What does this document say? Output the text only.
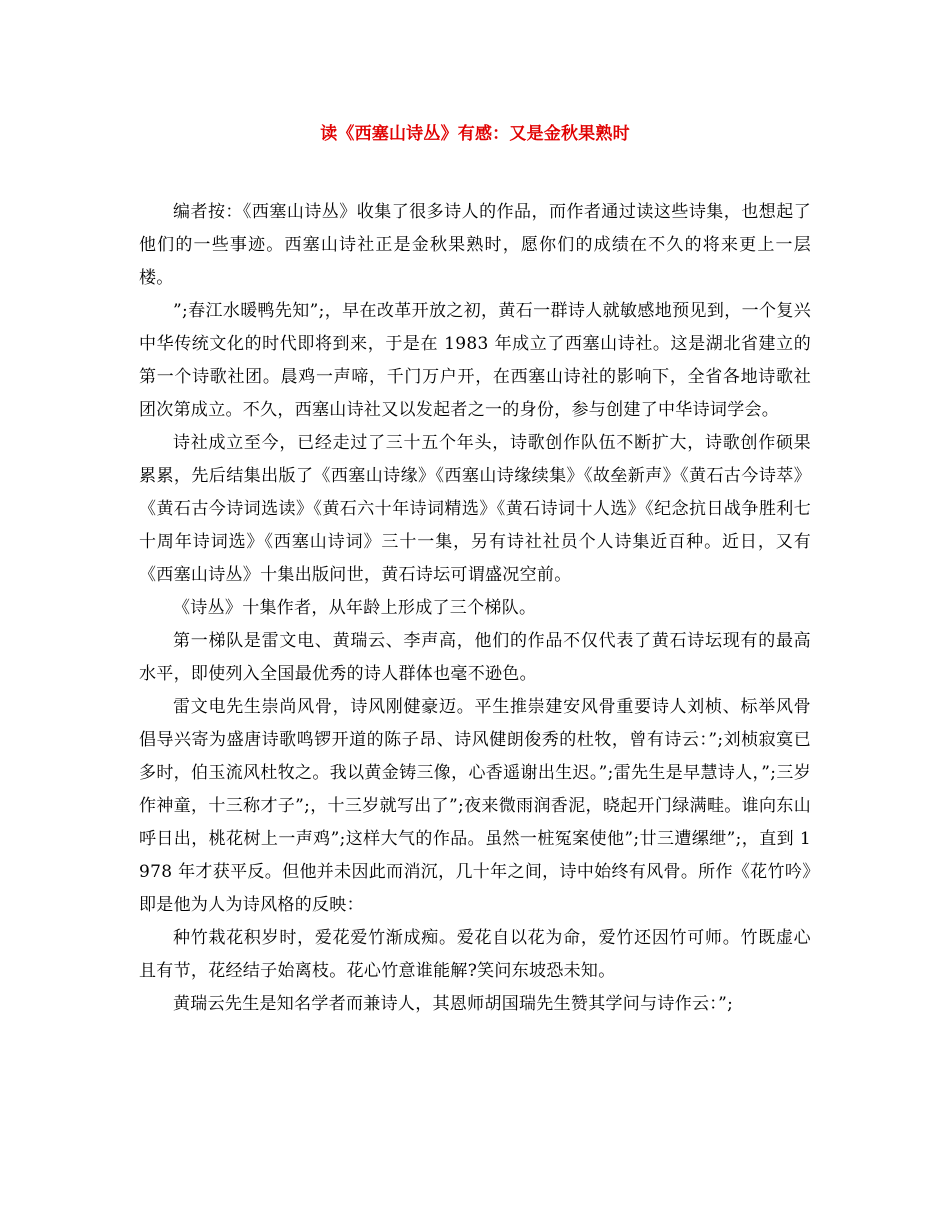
读《西塞山诗丛》有感：又是金秋果熟时

编者按：《西塞山诗丛》收集了很多诗人的作品，而作者通过读这些诗集，也想起了他们的一些事迹。西塞山诗社正是金秋果熟时，愿你们的成绩在不久的将来更上一层楼。

”;春江水暖鸭先知”;，早在改革开放之初，黄石一群诗人就敏感地预见到，一个复兴中华传统文化的时代即将到来，于是在 1983 年成立了西塞山诗社。这是湖北省建立的第一个诗歌社团。晨鸡一声啼，千门万户开，在西塞山诗社的影响下，全省各地诗歌社团次第成立。不久，西塞山诗社又以发起者之一的身份，参与创建了中华诗词学会。

诗社成立至今，已经走过了三十五个年头，诗歌创作队伍不断扩大，诗歌创作硕果累累，先后结集出版了《西塞山诗缘》《西塞山诗缘续集》《故垒新声》《黄石古今诗萃》《黄石古今诗词选读》《黄石六十年诗词精选》《黄石诗词十人选》《纪念抗日战争胜利七十周年诗词选》《西塞山诗词》三十一集，另有诗社社员个人诗集近百种。近日，又有《西塞山诗丛》十集出版问世，黄石诗坛可谓盛况空前。

《诗丛》十集作者，从年龄上形成了三个梯队。

第一梯队是雷文电、黄瑞云、李声高，他们的作品不仅代表了黄石诗坛现有的最高水平，即使列入全国最优秀的诗人群体也毫不逊色。

雷文电先生崇尚风骨，诗风刚健豪迈。平生推崇建安风骨重要诗人刘桢、标举风骨倡导兴寄为盛唐诗歌鸣锣开道的陈子昂、诗风健朗俊秀的杜牧，曾有诗云：”;刘桢寂寞已多时，伯玉流风杜牧之。我以黄金铸三像，心香遥谢出生迟。”;雷先生是早慧诗人，”;三岁作神童，十三称才子”;，十三岁就写出了”;夜来微雨润香泥，晓起开门绿满畦。谁向东山呼日出，桃花树上一声鸡”;这样大气的作品。虽然一桩冤案使他”;廿三遭缧绁”;，直到 1978 年才获平反。但他并未因此而消沉，几十年之间，诗中始终有风骨。所作《花竹吟》即是他为人为诗风格的反映：

种竹栽花积岁时，爱花爱竹渐成痴。爱花自以花为命，爱竹还因竹可师。竹既虚心且有节，花经结子始离枝。花心竹意谁能解?笑问东坡恐未知。

黄瑞云先生是知名学者而兼诗人，其恩师胡国瑞先生赞其学问与诗作云：”;
